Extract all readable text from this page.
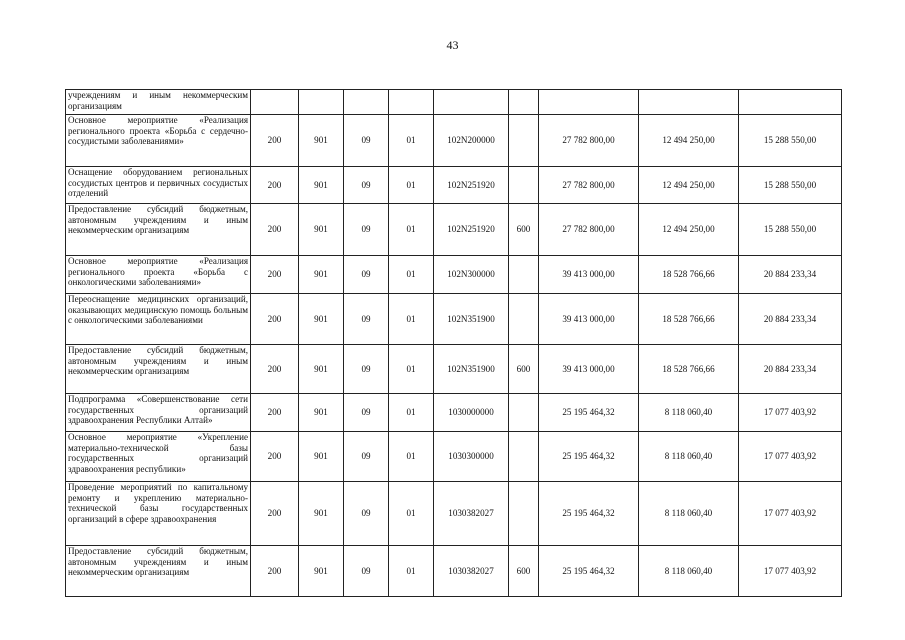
43
учреждениям и иным некоммерческим организациям									
Основное мероприятие «Реализация регионального проекта «Борьба с сердечно-сосудистыми заболеваниями»	200	901	09	01	102N200000		27 782 800,00	12 494 250,00	15 288 550,00
Оснащение оборудованием региональных сосудистых центров и первичных сосудистых отделений	200	901	09	01	102N251920		27 782 800,00	12 494 250,00	15 288 550,00
Предоставление субсидий бюджетным, автономным учреждениям и иным некоммерческим организациям	200	901	09	01	102N251920	600	27 782 800,00	12 494 250,00	15 288 550,00
Основное мероприятие «Реализация регионального проекта «Борьба с онкологическими заболеваниями»	200	901	09	01	102N300000		39 413 000,00	18 528 766,66	20 884 233,34
Переоснащение медицинских организаций, оказывающих медицинскую помощь больным с онкологическими заболеваниями	200	901	09	01	102N351900		39 413 000,00	18 528 766,66	20 884 233,34
Предоставление субсидий бюджетным, автономным учреждениям и иным некоммерческим организациям	200	901	09	01	102N351900	600	39 413 000,00	18 528 766,66	20 884 233,34
Подпрограмма «Совершенствование сети государственных организаций здравоохранения Республики Алтай»	200	901	09	01	1030000000		25 195 464,32	8 118 060,40	17 077 403,92
Основное мероприятие «Укрепление материально-технической базы государственных организаций здравоохранения республики»	200	901	09	01	1030300000		25 195 464,32	8 118 060,40	17 077 403,92
Проведение мероприятий по капитальному ремонту и укреплению материально-технической базы государственных организаций в сфере здравоохранения	200	901	09	01	1030382027		25 195 464,32	8 118 060,40	17 077 403,92
Предоставление субсидий бюджетным, автономным учреждениям и иным некоммерческим организациям	200	901	09	01	1030382027	600	25 195 464,32	8 118 060,40	17 077 403,92
